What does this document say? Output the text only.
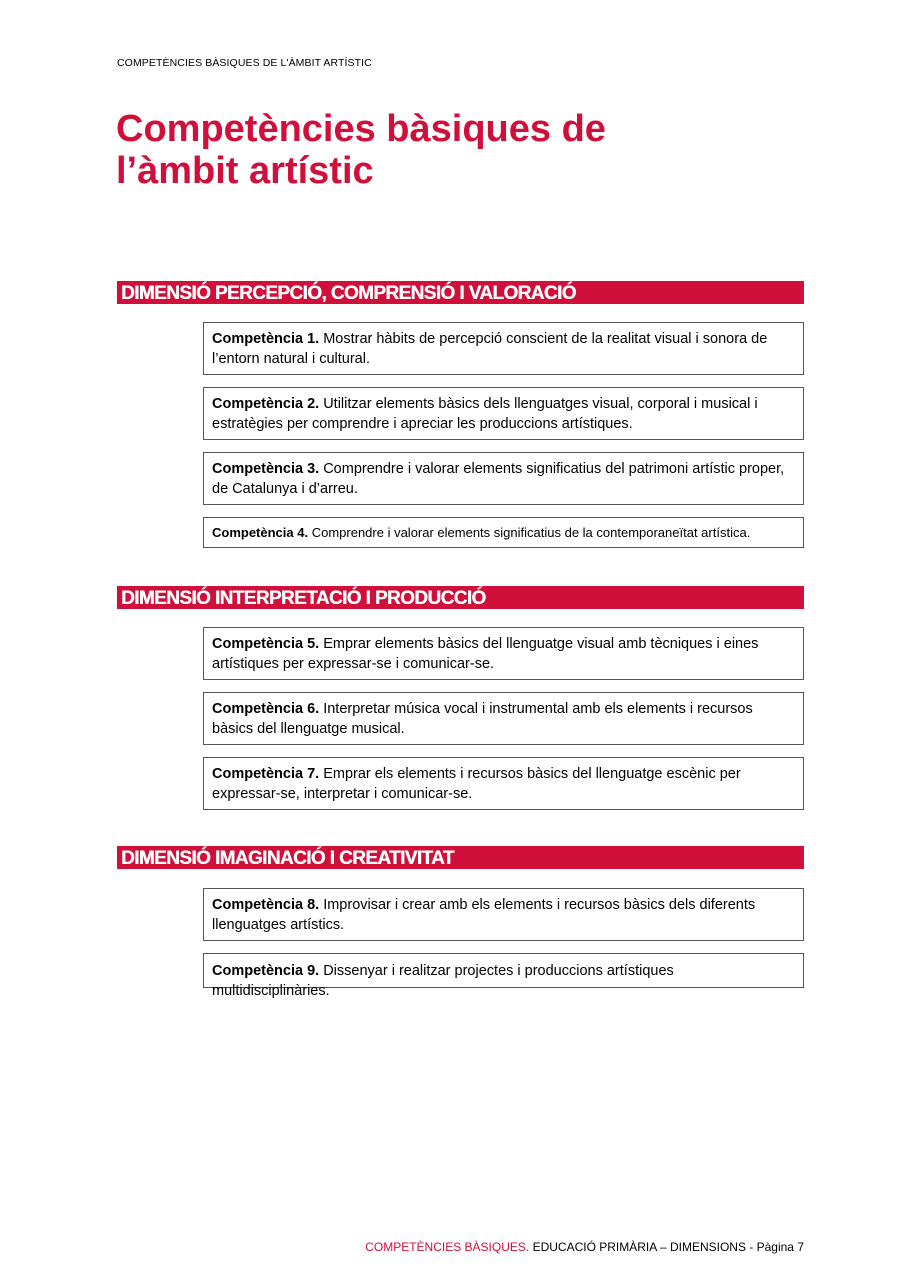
COMPETÈNCIES BÀSIQUES DE L'ÀMBIT ARTÍSTIC
Competències bàsiques de
l’àmbit artístic
DIMENSIÓ PERCEPCIÓ, COMPRENSIÓ I VALORACIÓ
Competència 1. Mostrar hàbits de percepció conscient de la realitat visual i sonora de l’entorn natural i cultural.
Competència 2. Utilitzar elements bàsics dels llenguatges visual, corporal i musical i estratègies per comprendre i apreciar les produccions artístiques.
Competència 3. Comprendre i valorar elements significatius del patrimoni artístic proper, de Catalunya i d’arreu.
Competència 4. Comprendre i valorar elements significatius de la contemporaneïtat artística.
DIMENSIÓ INTERPRETACIÓ I PRODUCCIÓ
Competència 5. Emprar elements bàsics del llenguatge visual amb tècniques i eines artístiques per expressar-se i comunicar-se.
Competència 6. Interpretar música vocal i instrumental amb els elements i recursos bàsics del llenguatge musical.
Competència 7. Emprar els elements i recursos bàsics del llenguatge escènic per expressar-se, interpretar i comunicar-se.
DIMENSIÓ IMAGINACIÓ I CREATIVITAT
Competència 8. Improvisar i crear amb els elements i recursos bàsics dels diferents llenguatges artístics.
Competència 9. Dissenyar i realitzar projectes i produccions artístiques multidisciplinàries.
COMPETÈNCIES BÀSIQUES. EDUCACIÓ PRIMÀRIA – DIMENSIONS - Pàgina 7
